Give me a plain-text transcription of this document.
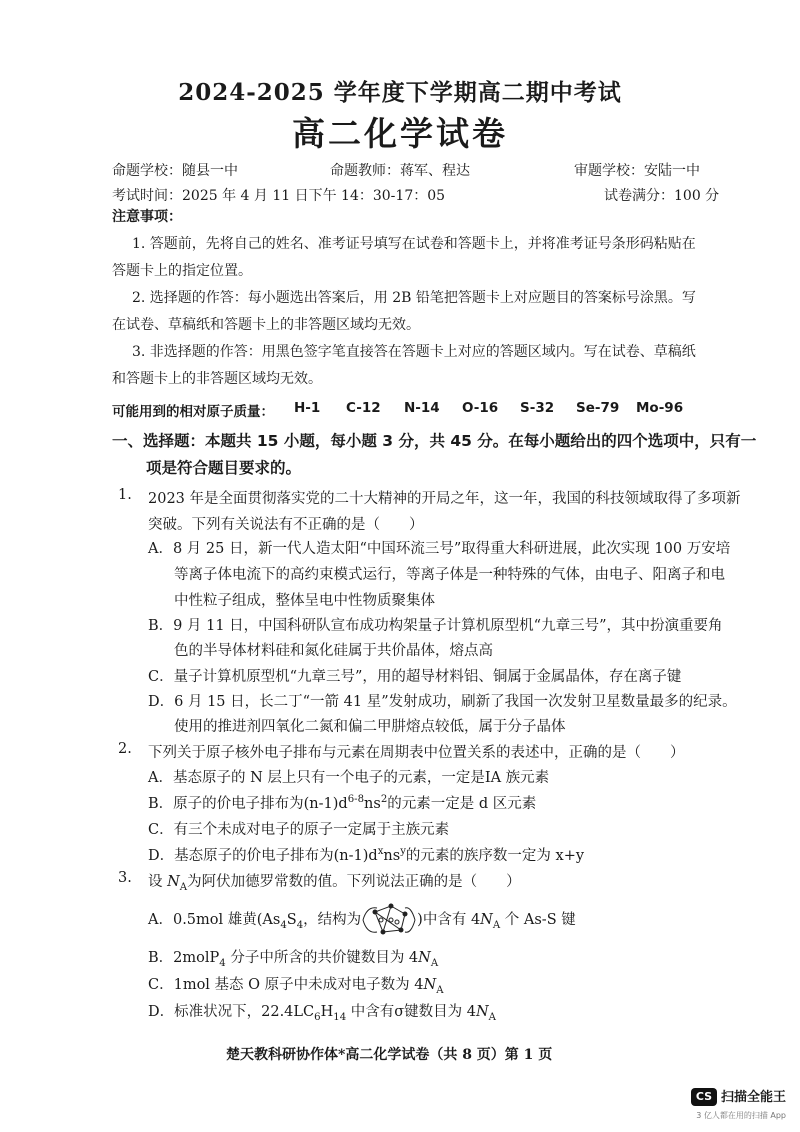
2024-2025 学年度下学期高二期中考试
高二化学试卷
命题学校：随县一中	命题教师：蒋军、程达	审题学校：安陆一中
考试时间：2025 年 4 月 11 日下午 14：30-17：05	试卷满分：100 分
注意事项：
1. 答题前，先将自己的姓名、准考证号填写在试卷和答题卡上，并将准考证号条形码粘贴在
答题卡上的指定位置。
2. 选择题的作答：每小题选出答案后，用 2B 铅笔把答题卡上对应题目的答案标号涂黑。写
在试卷、草稿纸和答题卡上的非答题区域均无效。
3. 非选择题的作答：用黑色签字笔直接答在答题卡上对应的答题区域内。写在试卷、草稿纸
和答题卡上的非答题区域均无效。
可能用到的相对原子质量： H-1 C-12 N-14 O-16 S-32 Se-79 Mo-96
一、选择题：本题共 15 小题，每小题 3 分，共 45 分。在每小题给出的四个选项中，只有一
项是符合题目要求的。
1. 2023 年是全面贯彻落实党的二十大精神的开局之年，这一年，我国的科技领域取得了多项新
突破。下列有关说法有不正确的是（　　）
A．8 月 25 日，新一代人造太阳“中国环流三号”取得重大科研进展，此次实现 100 万安培
等离子体电流下的高约束模式运行，等离子体是一种特殊的气体，由电子、阳离子和电
中性粒子组成，整体呈电中性物质聚集体
B．9 月 11 日，中国科研队宣布成功构架量子计算机原型机“九章三号”，其中扮演重要角
色的半导体材料硅和氮化硅属于共价晶体，熔点高
C．量子计算机原型机“九章三号”，用的超导材料铝、铜属于金属晶体，存在离子键
D．6 月 15 日，长二丁“一箭 41 星”发射成功，刷新了我国一次发射卫星数量最多的纪录。
使用的推进剂四氧化二氮和偏二甲肼熔点较低，属于分子晶体
2. 下列关于原子核外电子排布与元素在周期表中位置关系的表述中，正确的是（　　）
A．基态原子的 N 层上只有一个电子的元素，一定是ⅠA 族元素
B．原子的价电子排布为$(n-1)d^{6-8}ns^2$的元素一定是 d 区元素
C．有三个未成对电子的原子一定属于主族元素
D．基态原子的价电子排布为$(n-1)d^xns^y$的元素的族序数一定为 x+y
3. 设 $N_A$为阿伏加德罗常数的值。下列说法正确的是（　　）
A．0.5mol 雄黄($As_4S_4$，结构为	)中含有 $4N_A$ 个 As-S 键
B．2molP$_4$ 分子中所含的共价键数目为 $4N_A$
C．1mol 基态 O 原子中未成对电子数为 $4N_A$
D．标准状况下，$22.4LC_6H_{14}$ 中含有σ键数目为 $4N_A$
楚天教科研协作体*高二化学试卷（共 8 页）第 1 页
CS 扫描全能王
3 亿人都在用的扫描 App
